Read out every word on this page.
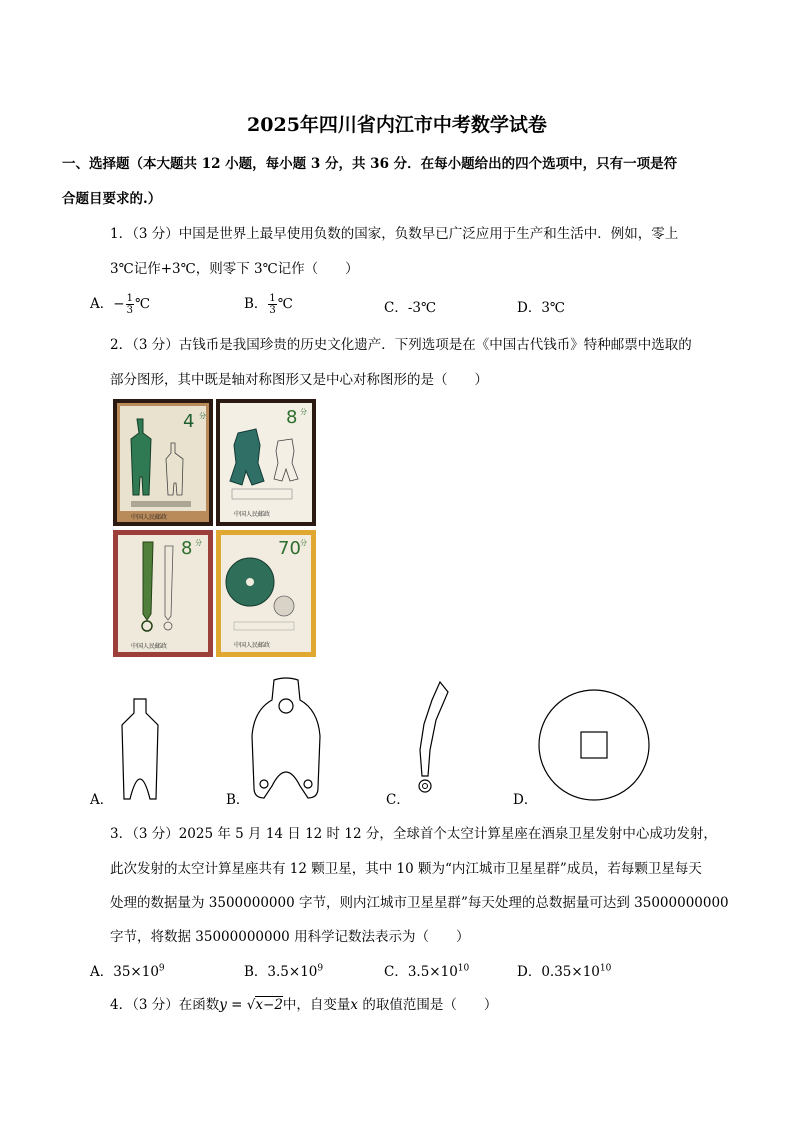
2025年四川省内江市中考数学试卷
一、选择题（本大题共 12 小题，每小题 3 分，共 36 分．在每小题给出的四个选项中，只有一项是符
合题目要求的.）
1．（3 分）中国是世界上最早使用负数的国家，负数早已广泛应用于生产和生活中．例如，零上
3℃记作+3℃，则零下 3℃记作（　　）
A．− $\frac{1}{3}$ ℃	B． $\frac{1}{3}$ ℃	C．-3℃	D．3℃
2．（3 分）古钱币是我国珍贵的历史文化遗产．下列选项是在《中国古代钱币》特种邮票中选取的
部分图形，其中既是轴对称图形又是中心对称图形的是（　　）
4 分
中国人民邮政
8 分
中国人民邮政
8 分
中国人民邮政
70 分
中国人民邮政
A．	B．	C．	D．
3．（3 分）2025 年 5 月 14 日 12 时 12 分，全球首个太空计算星座在酒泉卫星发射中心成功发射，
此次发射的太空计算星座共有 12 颗卫星，其中 10 颗为“内江城市卫星星群”成员，若每颗卫星每天
处理的数据量为 3500000000 字节，则内江城市卫星星群”每天处理的总数据量可达到 35000000000
字节，将数据 35000000000 用科学记数法表示为（　　）
A．$35\times 10^9$	B．$3.5\times 10^9$	C．$3.5\times 10^{10}$	D．$0.35\times 10^{10}$
4．（3 分）在函数y = √x−2中，自变量x 的取值范围是（　　）
